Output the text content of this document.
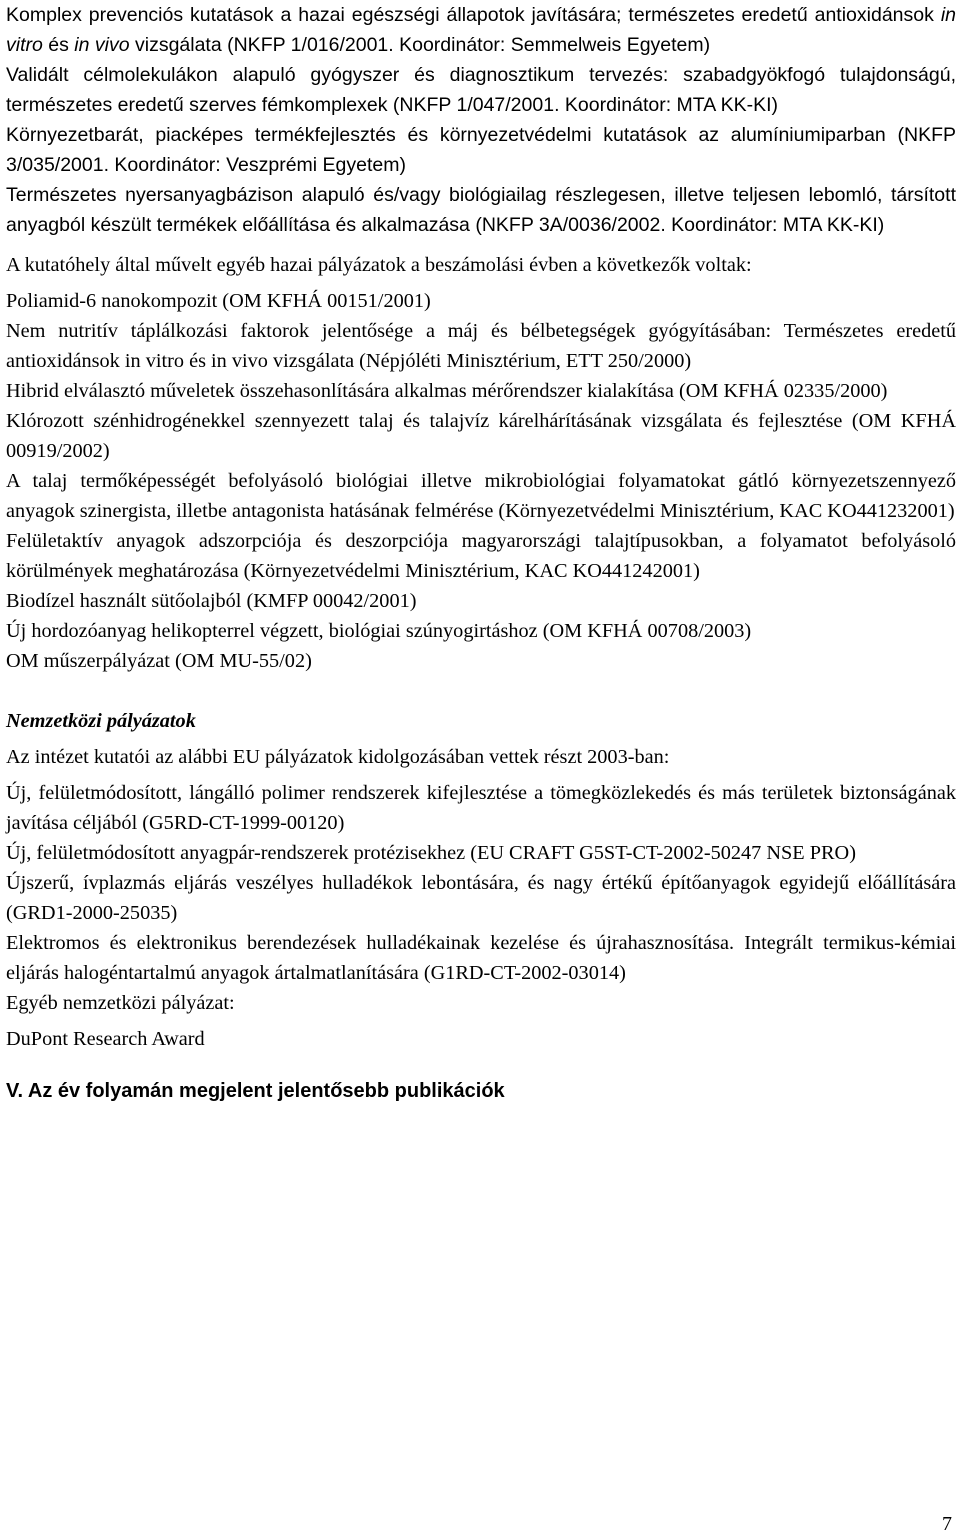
• Komplex prevenciós kutatások a hazai egészségi állapotok javítására; természetes eredetű antioxidánsok in vitro és in vivo vizsgálata (NKFP 1/016/2001. Koordinátor: Semmelweis Egyetem)
• Validált célmolekulákon alapuló gyógyszer és diagnosztikum tervezés: szabadgyökfogó tulajdonságú, természetes eredetű szerves fémkomplexek (NKFP 1/047/2001. Koordinátor: MTA KK-KI)
• Környezetbarát, piacképes termékfejlesztés és környezetvédelmi kutatások az alumíniumiparban (NKFP 3/035/2001. Koordinátor: Veszprémi Egyetem)
• Természetes nyersanyagbázison alapuló és/vagy biológiailag részlegesen, illetve teljesen lebomló, társított anyagból készült termékek előállítása és alkalmazása (NKFP 3A/0036/2002. Koordinátor: MTA KK-KI)

A kutatóhely által művelt egyéb hazai pályázatok a beszámolási évben a következők voltak:

• Poliamid-6 nanokompozit (OM KFHÁ 00151/2001)
• Nem nutritív táplálkozási faktorok jelentősége a máj és bélbetegségek gyógyításában: Természetes eredetű antioxidánsok in vitro és in vivo vizsgálata (Népjóléti Minisztérium, ETT 250/2000)
• Hibrid elválasztó műveletek összehasonlítására alkalmas mérőrendszer kialakítása (OM KFHÁ 02335/2000)
• Klórozott szénhidrogénekkel szennyezett talaj és talajvíz kárelhárításának vizsgálata és fejlesztése (OM KFHÁ 00919/2002)
• A talaj termőképességét befolyásoló biológiai illetve mikrobiológiai folyamatokat gátló környezetszennyező anyagok szinergista, illetbe antagonista hatásának felmérése (Környezetvédelmi Minisztérium, KAC KO441232001)
• Felületaktív anyagok adszorpciója és deszorpciója magyarországi talajtípusokban, a folyamatot befolyásoló körülmények meghatározása (Környezetvédelmi Minisztérium, KAC KO441242001)
• Biodízel használt sütőolajból (KMFP 00042/2001)
• Új hordozóanyag helikopterrel végzett, biológiai szúnyogirtáshoz (OM KFHÁ 00708/2003)
• OM műszerpályázat (OM MU-55/02)

Nemzetközi pályázatok

Az intézet kutatói az alábbi EU pályázatok kidolgozásában vettek részt 2003-ban:

• Új, felületmódosított, lángálló polimer rendszerek kifejlesztése a tömegközlekedés és más területek biztonságának javítása céljából (G5RD-CT-1999-00120)
• Új, felületmódosított anyagpár-rendszerek protézisekhez (EU CRAFT G5ST-CT-2002-50247 NSE PRO)
• Újszerű, ívplazmás eljárás veszélyes hulladékok lebontására, és nagy értékű építőanyagok egyidejű előállítására (GRD1-2000-25035)
• Elektromos és elektronikus berendezések hulladékainak kezelése és újrahasznosítása. Integrált termikus-kémiai eljárás halogéntartalmú anyagok ártalmatlanítására (G1RD-CT-2002-03014)

Egyéb nemzetközi pályázat:

• DuPont Research Award

V. Az év folyamán megjelent jelentősebb publikációk

7
